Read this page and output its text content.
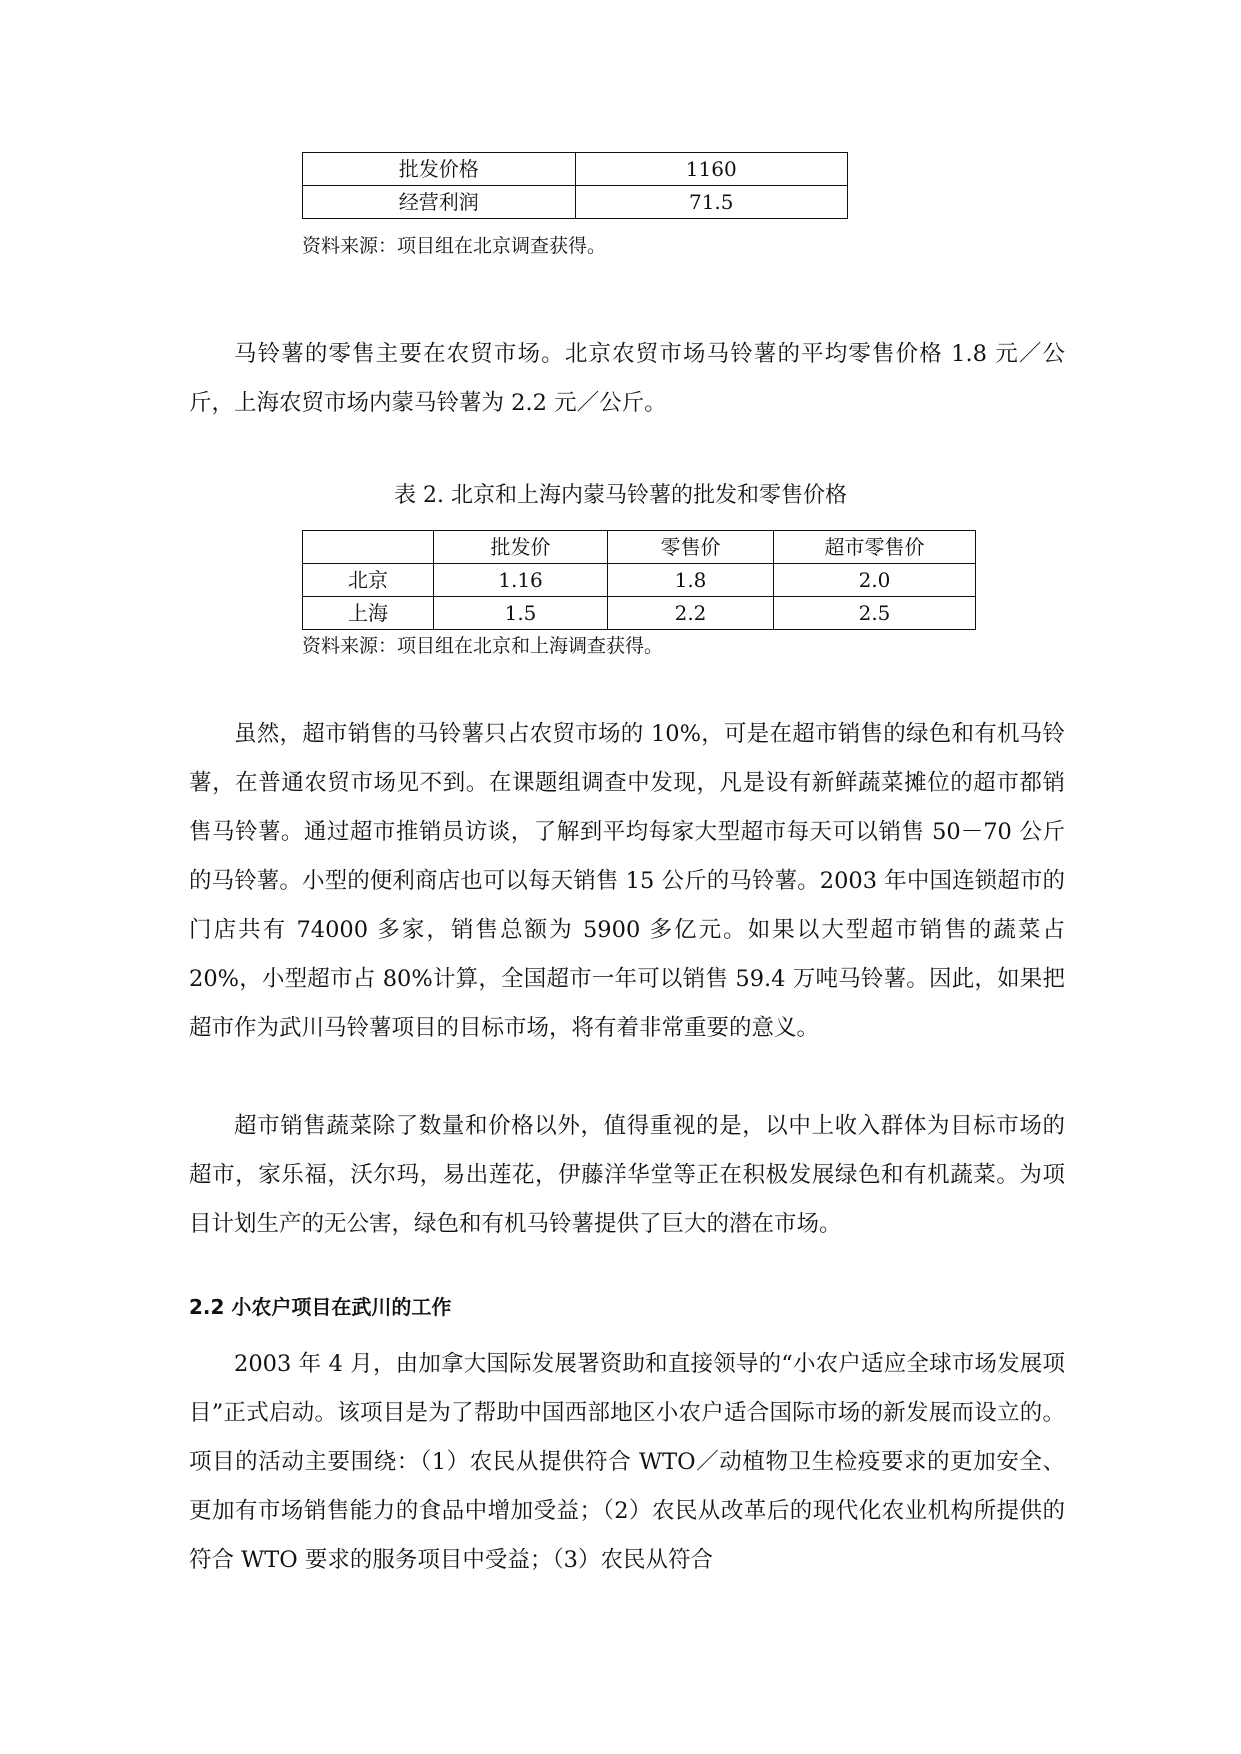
批发价格	1160
经营利润	71.5
资料来源：项目组在北京调查获得。

马铃薯的零售主要在农贸市场。北京农贸市场马铃薯的平均零售价格 1.8 元／公斤，上海农贸市场内蒙马铃薯为 2.2 元／公斤。

表 2. 北京和上海内蒙马铃薯的批发和零售价格
	批发价	零售价	超市零售价
北京	1.16	1.8	2.0
上海	1.5	2.2	2.5
资料来源：项目组在北京和上海调查获得。

虽然，超市销售的马铃薯只占农贸市场的 10%，可是在超市销售的绿色和有机马铃薯，在普通农贸市场见不到。在课题组调查中发现，凡是设有新鲜蔬菜摊位的超市都销售马铃薯。通过超市推销员访谈，了解到平均每家大型超市每天可以销售 50－70 公斤的马铃薯。小型的便利商店也可以每天销售 15 公斤的马铃薯。2003 年中国连锁超市的门店共有 74000 多家，销售总额为 5900 多亿元。如果以大型超市销售的蔬菜占 20%，小型超市占 80%计算，全国超市一年可以销售 59.4 万吨马铃薯。因此，如果把超市作为武川马铃薯项目的目标市场，将有着非常重要的意义。

超市销售蔬菜除了数量和价格以外，值得重视的是，以中上收入群体为目标市场的超市，家乐福，沃尔玛，易出莲花，伊藤洋华堂等正在积极发展绿色和有机蔬菜。为项目计划生产的无公害，绿色和有机马铃薯提供了巨大的潜在市场。

2.2 小农户项目在武川的工作

2003 年 4 月，由加拿大国际发展署资助和直接领导的“小农户适应全球市场发展项目”正式启动。该项目是为了帮助中国西部地区小农户适合国际市场的新发展而设立的。项目的活动主要围绕：（1）农民从提供符合 WTO／动植物卫生检疫要求的更加安全、更加有市场销售能力的食品中增加受益；（2）农民从改革后的现代化农业机构所提供的符合 WTO 要求的服务项目中受益；（3）农民从符合
